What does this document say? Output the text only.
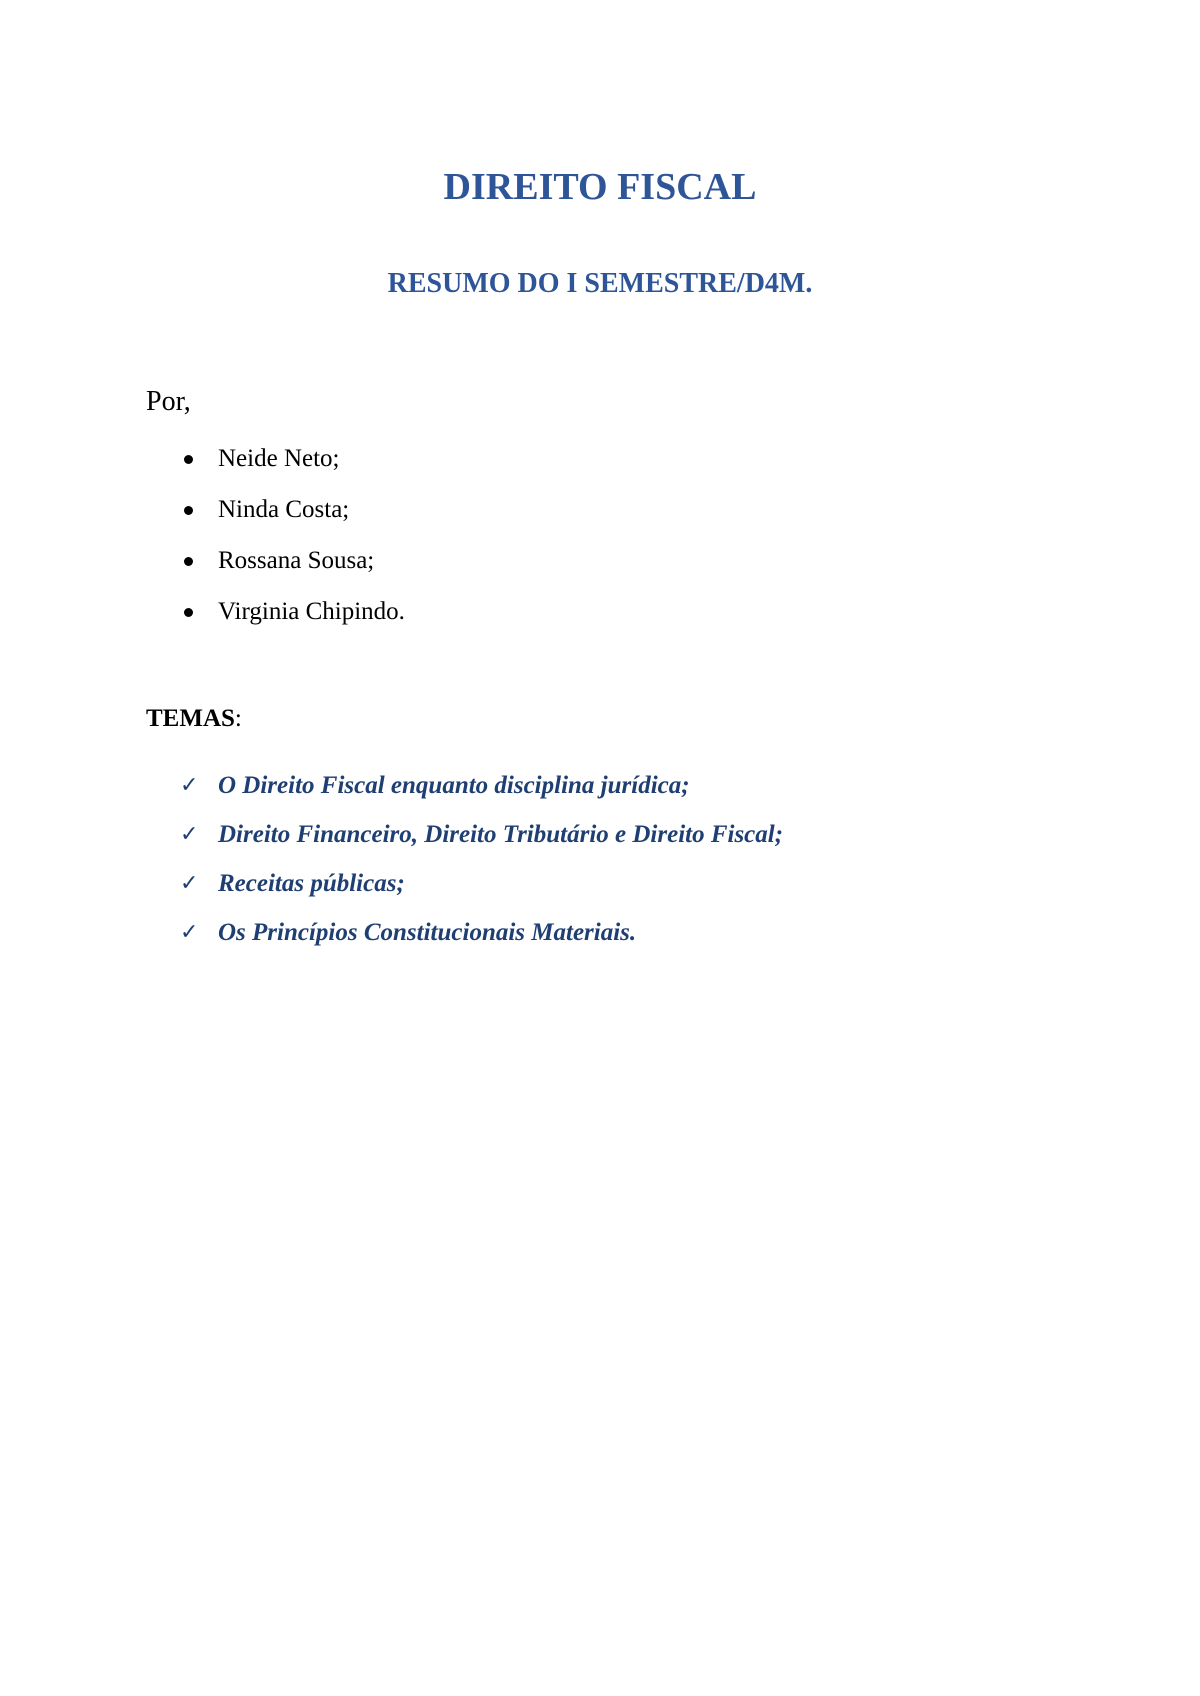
DIREITO FISCAL
RESUMO DO I SEMESTRE/D4M.
Por,
Neide Neto;
Ninda Costa;
Rossana Sousa;
Virginia Chipindo.
TEMAS:
✓ O Direito Fiscal enquanto disciplina jurídica;
✓ Direito Financeiro, Direito Tributário e Direito Fiscal;
✓ Receitas públicas;
✓ Os Princípios Constitucionais Materiais.
